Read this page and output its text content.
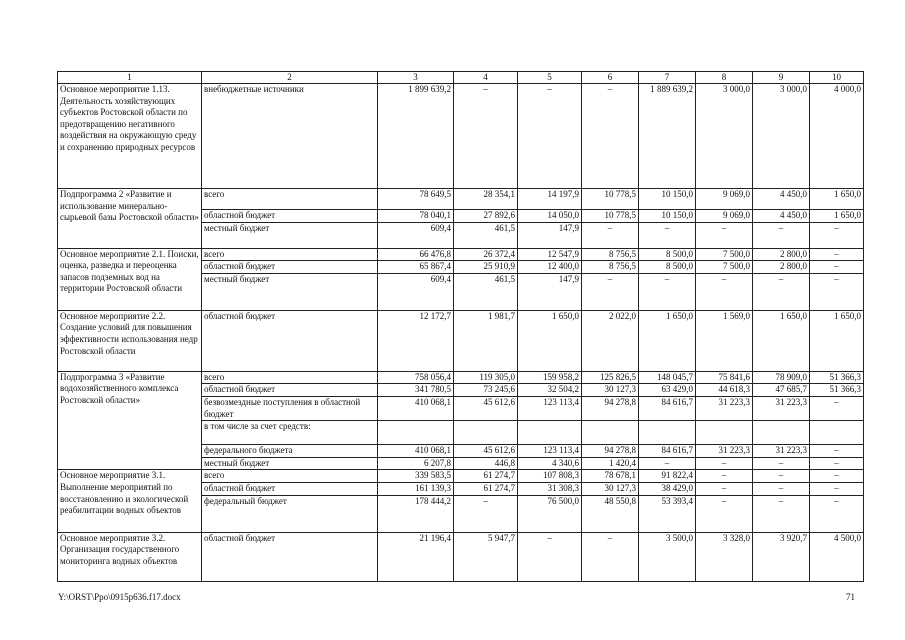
1	2	3	4	5	6	7	8	9	10
Основное мероприятие 1.13. Деятельность хозяйствующих субъектов Ростовской области по предотвращению негативного воздействия на окружающую среду и сохранению природных ресурсов	внебюджетные источники	1 899 639,2	–	–	–	1 889 639,2	3 000,0	3 000,0	4 000,0
Подпрограмма 2 «Развитие и использование минерально-сырьевой базы Ростовской области»	всего	78 649,5	28 354,1	14 197,9	10 778,5	10 150,0	9 069,0	4 450,0	1 650,0
	областной бюджет	78 040,1	27 892,6	14 050,0	10 778,5	10 150,0	9 069,0	4 450,0	1 650,0
	местный бюджет	609,4	461,5	147,9	–	–	–	–	–
Основное мероприятие 2.1. Поиски, оценка, разведка и переоценка запасов подземных вод на территории Ростовской области	всего	66 476,8	26 372,4	12 547,9	8 756,5	8 500,0	7 500,0	2 800,0	–
	областной бюджет	65 867,4	25 910,9	12 400,0	8 756,5	8 500,0	7 500,0	2 800,0	–
	местный бюджет	609,4	461,5	147,9	–	–	–	–	–
Основное мероприятие 2.2. Создание условий для повышения эффективности использования недр Ростовской области	областной бюджет	12 172,7	1 981,7	1 650,0	2 022,0	1 650,0	1 569,0	1 650,0	1 650,0
Подпрограмма 3 «Развитие водохозяйственного комплекса Ростовской области»	всего	758 056,4	119 305,0	159 958,2	125 826,5	148 045,7	75 841,6	78 909,0	51 366,3
	областной бюджет	341 780,5	73 245,6	32 504,2	30 127,3	63 429,0	44 618,3	47 685,7	51 366,3
	безвозмездные поступления в областной бюджет	410 068,1	45 612,6	123 113,4	94 278,8	84 616,7	31 223,3	31 223,3	–
	в том числе за счет средств:								
	федерального бюджета	410 068,1	45 612,6	123 113,4	94 278,8	84 616,7	31 223,3	31 223,3	–
	местный бюджет	6 207,8	446,8	4 340,6	1 420,4	–	–	–	–
Основное мероприятие 3.1. Выполнение мероприятий по восстановлению и экологической реабилитации водных объектов	всего	339 583,5	61 274,7	107 808,3	78 678,1	91 822,4	–	–	–
	областной бюджет	161 139,3	61 274,7	31 308,3	30 127,3	38 429,0	–	–	–
	федеральный бюджет	178 444,2	–	76 500,0	48 550,8	53 393,4	–	–	–
Основное мероприятие 3.2. Организация государственного мониторинга водных объектов	областной бюджет	21 196,4	5 947,7	–	–	3 500,0	3 328,0	3 920,7	4 500,0
Y:\ORST\Ppo\0915p636.f17.docx	71
